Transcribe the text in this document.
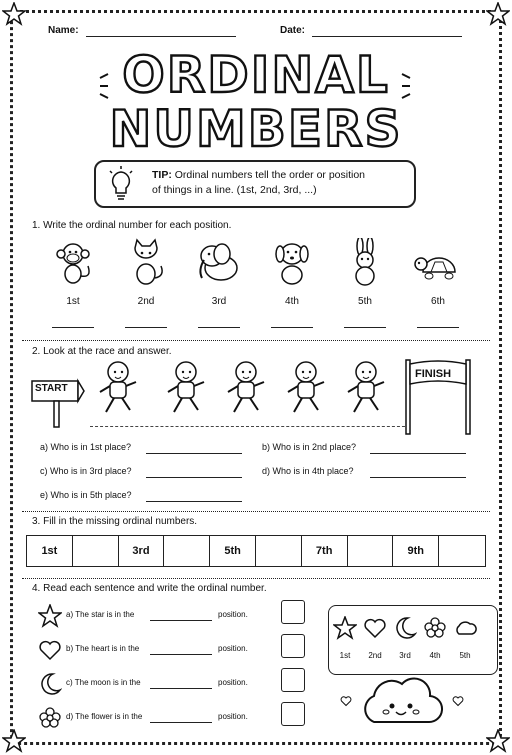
Name:	Date:
ORDINAL
NUMBERS
TIP: Ordinal numbers tell the order or position
of things in a line. (1st, 2nd, 3rd, ...)
1. Write the ordinal number for each position.
1st	2nd	3rd	4th	5th	6th
2. Look at the race and answer.
START
FINISH
a) Who is in 1st place?	b) Who is in 2nd place?
c) Who is in 3rd place?	d) Who is in 4th place?
e) Who is in 5th place?
3. Fill in the missing ordinal numbers.
1st	3rd	5th	7th	9th
4. Read each sentence and write the ordinal number.
a) The star is in the	position.
b) The heart is in the	position.
c) The moon is in the	position.
d) The flower is in the	position.
1st	2nd	3rd	4th	5th
